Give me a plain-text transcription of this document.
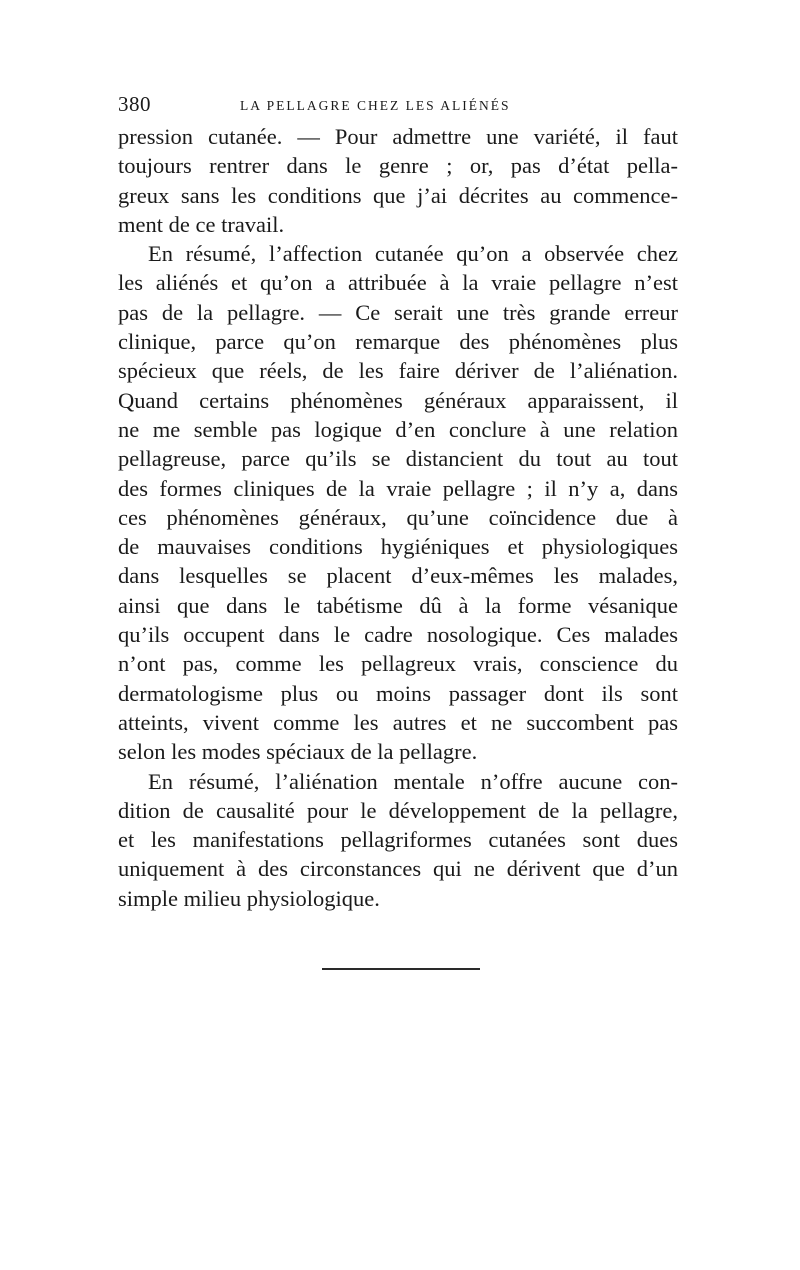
380	LA PELLAGRE CHEZ LES ALIÉNÉS
pression cutanée. — Pour admettre une variété, il faut
toujours rentrer dans le genre ; or, pas d’état pella-
greux sans les conditions que j’ai décrites au commence-
ment de ce travail.
En résumé, l’affection cutanée qu’on a observée chez
les aliénés et qu’on a attribuée à la vraie pellagre n’est
pas de la pellagre. — Ce serait une très grande erreur
clinique, parce qu’on remarque des phénomènes plus
spécieux que réels, de les faire dériver de l’aliénation.
Quand certains phénomènes généraux apparaissent, il
ne me semble pas logique d’en conclure à une relation
pellagreuse, parce qu’ils se distancient du tout au tout
des formes cliniques de la vraie pellagre ; il n’y a, dans
ces phénomènes généraux, qu’une coïncidence due à
de mauvaises conditions hygiéniques et physiologiques
dans lesquelles se placent d’eux-mêmes les malades,
ainsi que dans le tabétisme dû à la forme vésanique
qu’ils occupent dans le cadre nosologique. Ces malades
n’ont pas, comme les pellagreux vrais, conscience du
dermatologisme plus ou moins passager dont ils sont
atteints, vivent comme les autres et ne succombent pas
selon les modes spéciaux de la pellagre.
En résumé, l’aliénation mentale n’offre aucune con-
dition de causalité pour le développement de la pellagre,
et les manifestations pellagriformes cutanées sont dues
uniquement à des circonstances qui ne dérivent que d’un
simple milieu physiologique.
